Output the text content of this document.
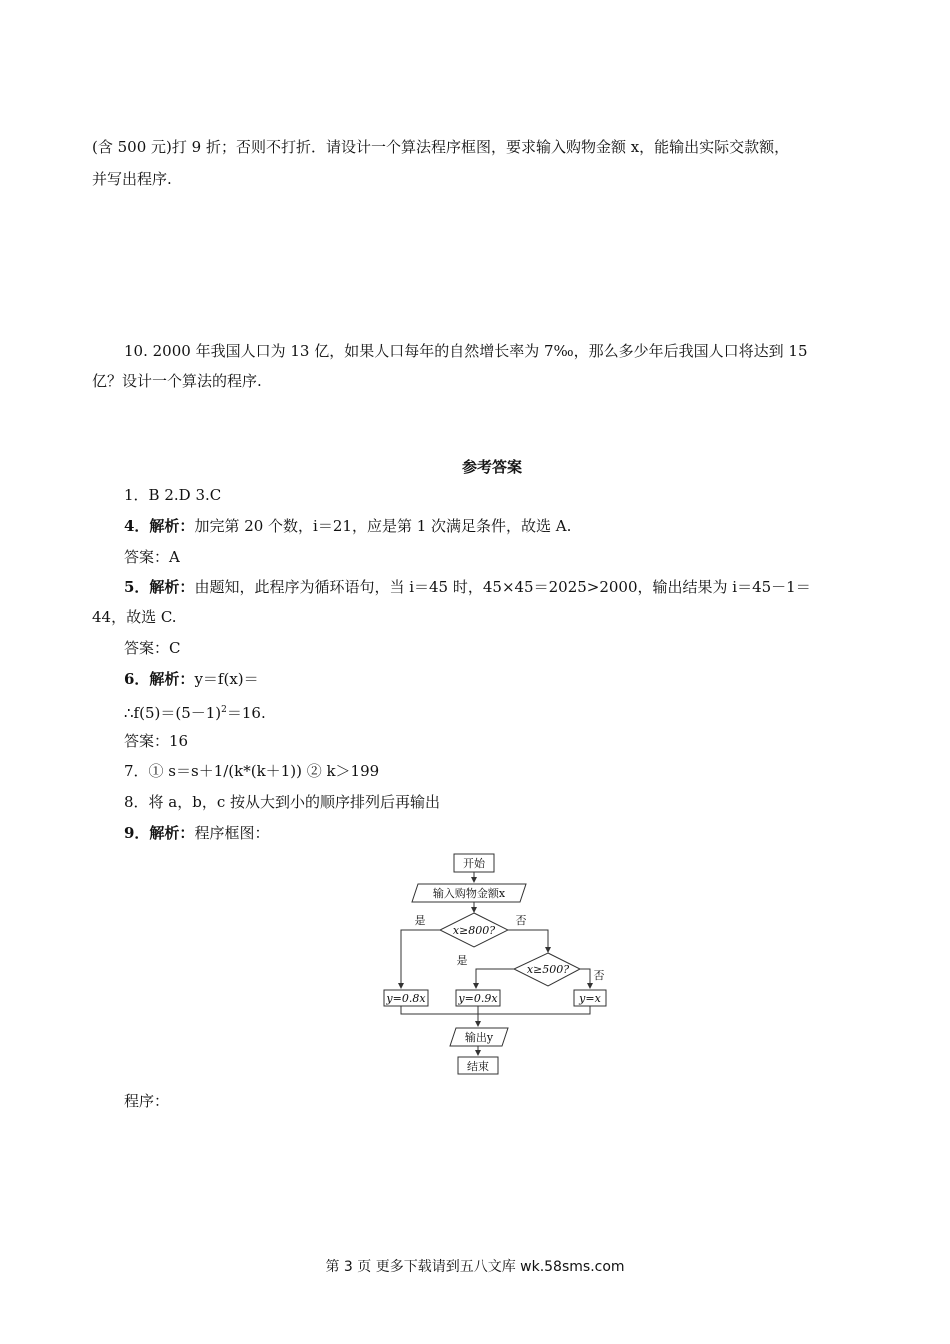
(含 500 元)打 9 折；否则不打折．请设计一个算法程序框图，要求输入购物金额 x，能输出实际交款额，
并写出程序.
10. 2000 年我国人口为 13 亿，如果人口每年的自然增长率为 7‰，那么多少年后我国人口将达到 15
亿？设计一个算法的程序.
参考答案
1．B 2.D 3.C
4．解析：加完第 20 个数，i＝21，应是第 1 次满足条件，故选 A.
答案：A
5．解析：由题知，此程序为循环语句，当 i＝45 时，45×45＝2025>2000，输出结果为 i＝45－1＝
44，故选 C.
答案：C
6．解析：y＝f(x)＝
$\therefore f(5)=(5-1)^2=16$.
答案：16
7．① s＝s＋1/(k*(k＋1)) ② k＞199
8．将 a，b，c 按从大到小的顺序排列后再输出
9．解析：程序框图：
开始
输入购物金额x
x≥800?
x≥500?
是	否
是
否
y=0.8x	y=0.9x	y=x
输出y
结束
程序：
第 3 页 更多下载请到五八文库 wk.58sms.com
